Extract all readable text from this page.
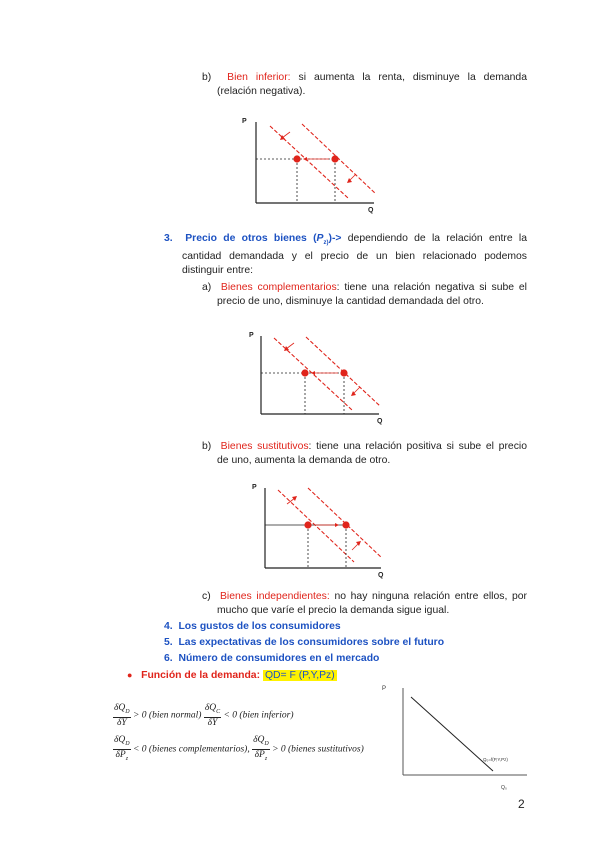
b) Bien inferior: si aumenta la renta, disminuye la demanda
(relación negativa).
P
Q
3. Precio de otros bienes $(P_{z)})->$ dependiendo de la relación entre la
cantidad demandada y el precio de un bien relacionado podemos
distinguir entre:
a) Bienes complementarios: tiene una relación negativa si sube el
precio de uno, disminuye la cantidad demandada del otro.
P
Q
b) Bienes sustitutivos: tiene una relación positiva si sube el precio
de uno, aumenta la demanda de otro.
P
Q
c) Bienes independientes: no hay ninguna relación entre ellos, por
mucho que varíe el precio la demanda sigue igual.
4. Los gustos de los consumidores
5. Las expectativas de los consumidores sobre el futuro
6. Número de consumidores en el mercado
● Función de la demanda: QD= F (P,Y,Pz)
$\frac{\delta Q_D}{\delta Y} > 0$ (bien normal) $\frac{\delta Q_C}{\delta Y} < 0$ (bien inferior)
$\frac{\delta Q_D}{\delta P_z} < 0$ (bienes complementarios), $\frac{\delta Q_D}{\delta P_z} > 0$ (bienes sustitutivos)
P
Q₀=f(P,Y,Pz)
Q₀
2
